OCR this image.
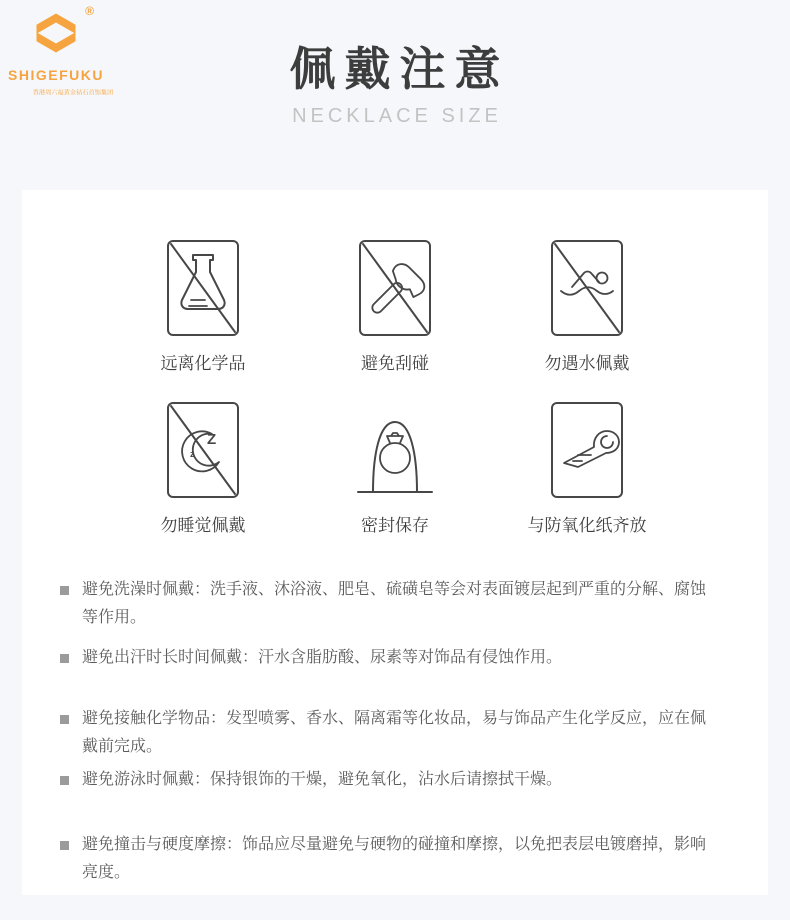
®
SHIGEFUKU
香港周六福黄金钻石首饰集团	佩戴注意
NECKLACE SIZE
远离化学品	避免刮碰	勿遇水佩戴
Z
z
勿睡觉佩戴	密封保存	与防氧化纸齐放

避免洗澡时佩戴：洗手液、沐浴液、肥皂、硫磺皂等会对表面镀层起到严重的分解、腐蚀等作用。

避免出汗时长时间佩戴：汗水含脂肪酸、尿素等对饰品有侵蚀作用。

避免接触化学物品：发型喷雾、香水、隔离霜等化妆品，易与饰品产生化学反应，应在佩戴前完成。

避免游泳时佩戴：保持银饰的干燥，避免氧化，沾水后请擦拭干燥。

避免撞击与硬度摩擦：饰品应尽量避免与硬物的碰撞和摩擦，以免把表层电镀磨掉，影响亮度。
